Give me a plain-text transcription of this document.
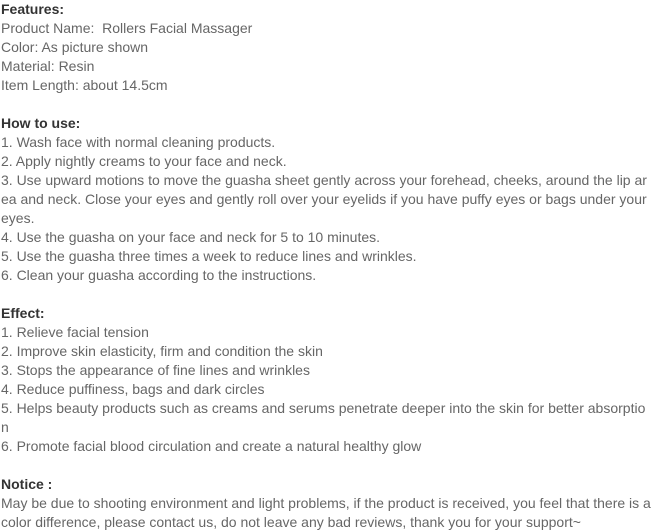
Features:
Product Name:  Rollers Facial Massager
Color: As picture shown
Material: Resin
Item Length: about 14.5cm
How to use:
1. Wash face with normal cleaning products.
2. Apply nightly creams to your face and neck.
3. Use upward motions to move the guasha sheet gently across your forehead, cheeks, around the lip ar
ea and neck. Close your eyes and gently roll over your eyelids if you have puffy eyes or bags under your
eyes.
4. Use the guasha on your face and neck for 5 to 10 minutes.
5. Use the guasha three times a week to reduce lines and wrinkles.
6. Clean your guasha according to the instructions.
Effect:
1. Relieve facial tension
2. Improve skin elasticity, firm and condition the skin
3. Stops the appearance of fine lines and wrinkles
4. Reduce puffiness, bags and dark circles
5. Helps beauty products such as creams and serums penetrate deeper into the skin for better absorptio
n
6. Promote facial blood circulation and create a natural healthy glow
Notice :
May be due to shooting environment and light problems, if the product is received, you feel that there is a
color difference, please contact us, do not leave any bad reviews, thank you for your support~
